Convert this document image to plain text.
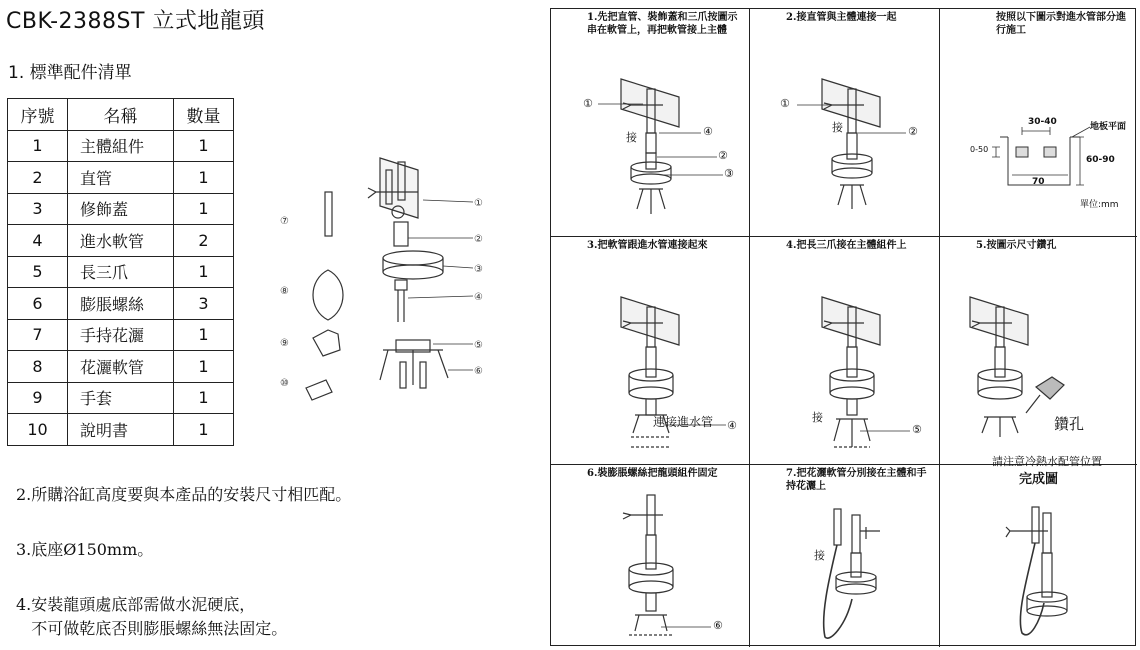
CBK-2388ST 立式地龍頭
1. 標準配件清單
序號	名稱	數量
1	主體組件	1
2	直管	1
3	修飾蓋	1
4	進水軟管	2
5	長三爪	1
6	膨脹螺絲	3
7	手持花灑	1
8	花灑軟管	1
9	手套	1
10	說明書	1
2.所購浴缸高度要與本產品的安裝尺寸相匹配。
3.底座Ø150mm。
4.安裝龍頭處底部需做水泥硬底，
不可做乾底否則膨脹螺絲無法固定。
①
②
③
④
⑤
⑥
⑦
⑧
⑨
⑩
1.先把直管、裝飾蓋和三爪按圖示串在軟管上，再把軟管接上主體
①
接	④
②
③
2.接直管與主體連接一起
①
接	②
按照以下圖示對進水管部分進行施工
30-40	地板平面
0-50
60-90
70
單位:mm
3.把軟管跟進水管連接起來
連接進水管 ④
4.把長三爪接在主體組件上
接
⑤
5.按圖示尺寸鑽孔
鑽孔
請注意冷熱水配管位置
6.裝膨脹螺絲把龍頭組件固定
⑥
7.把花灑軟管分別接在主體和手持花灑上
接
完成圖
